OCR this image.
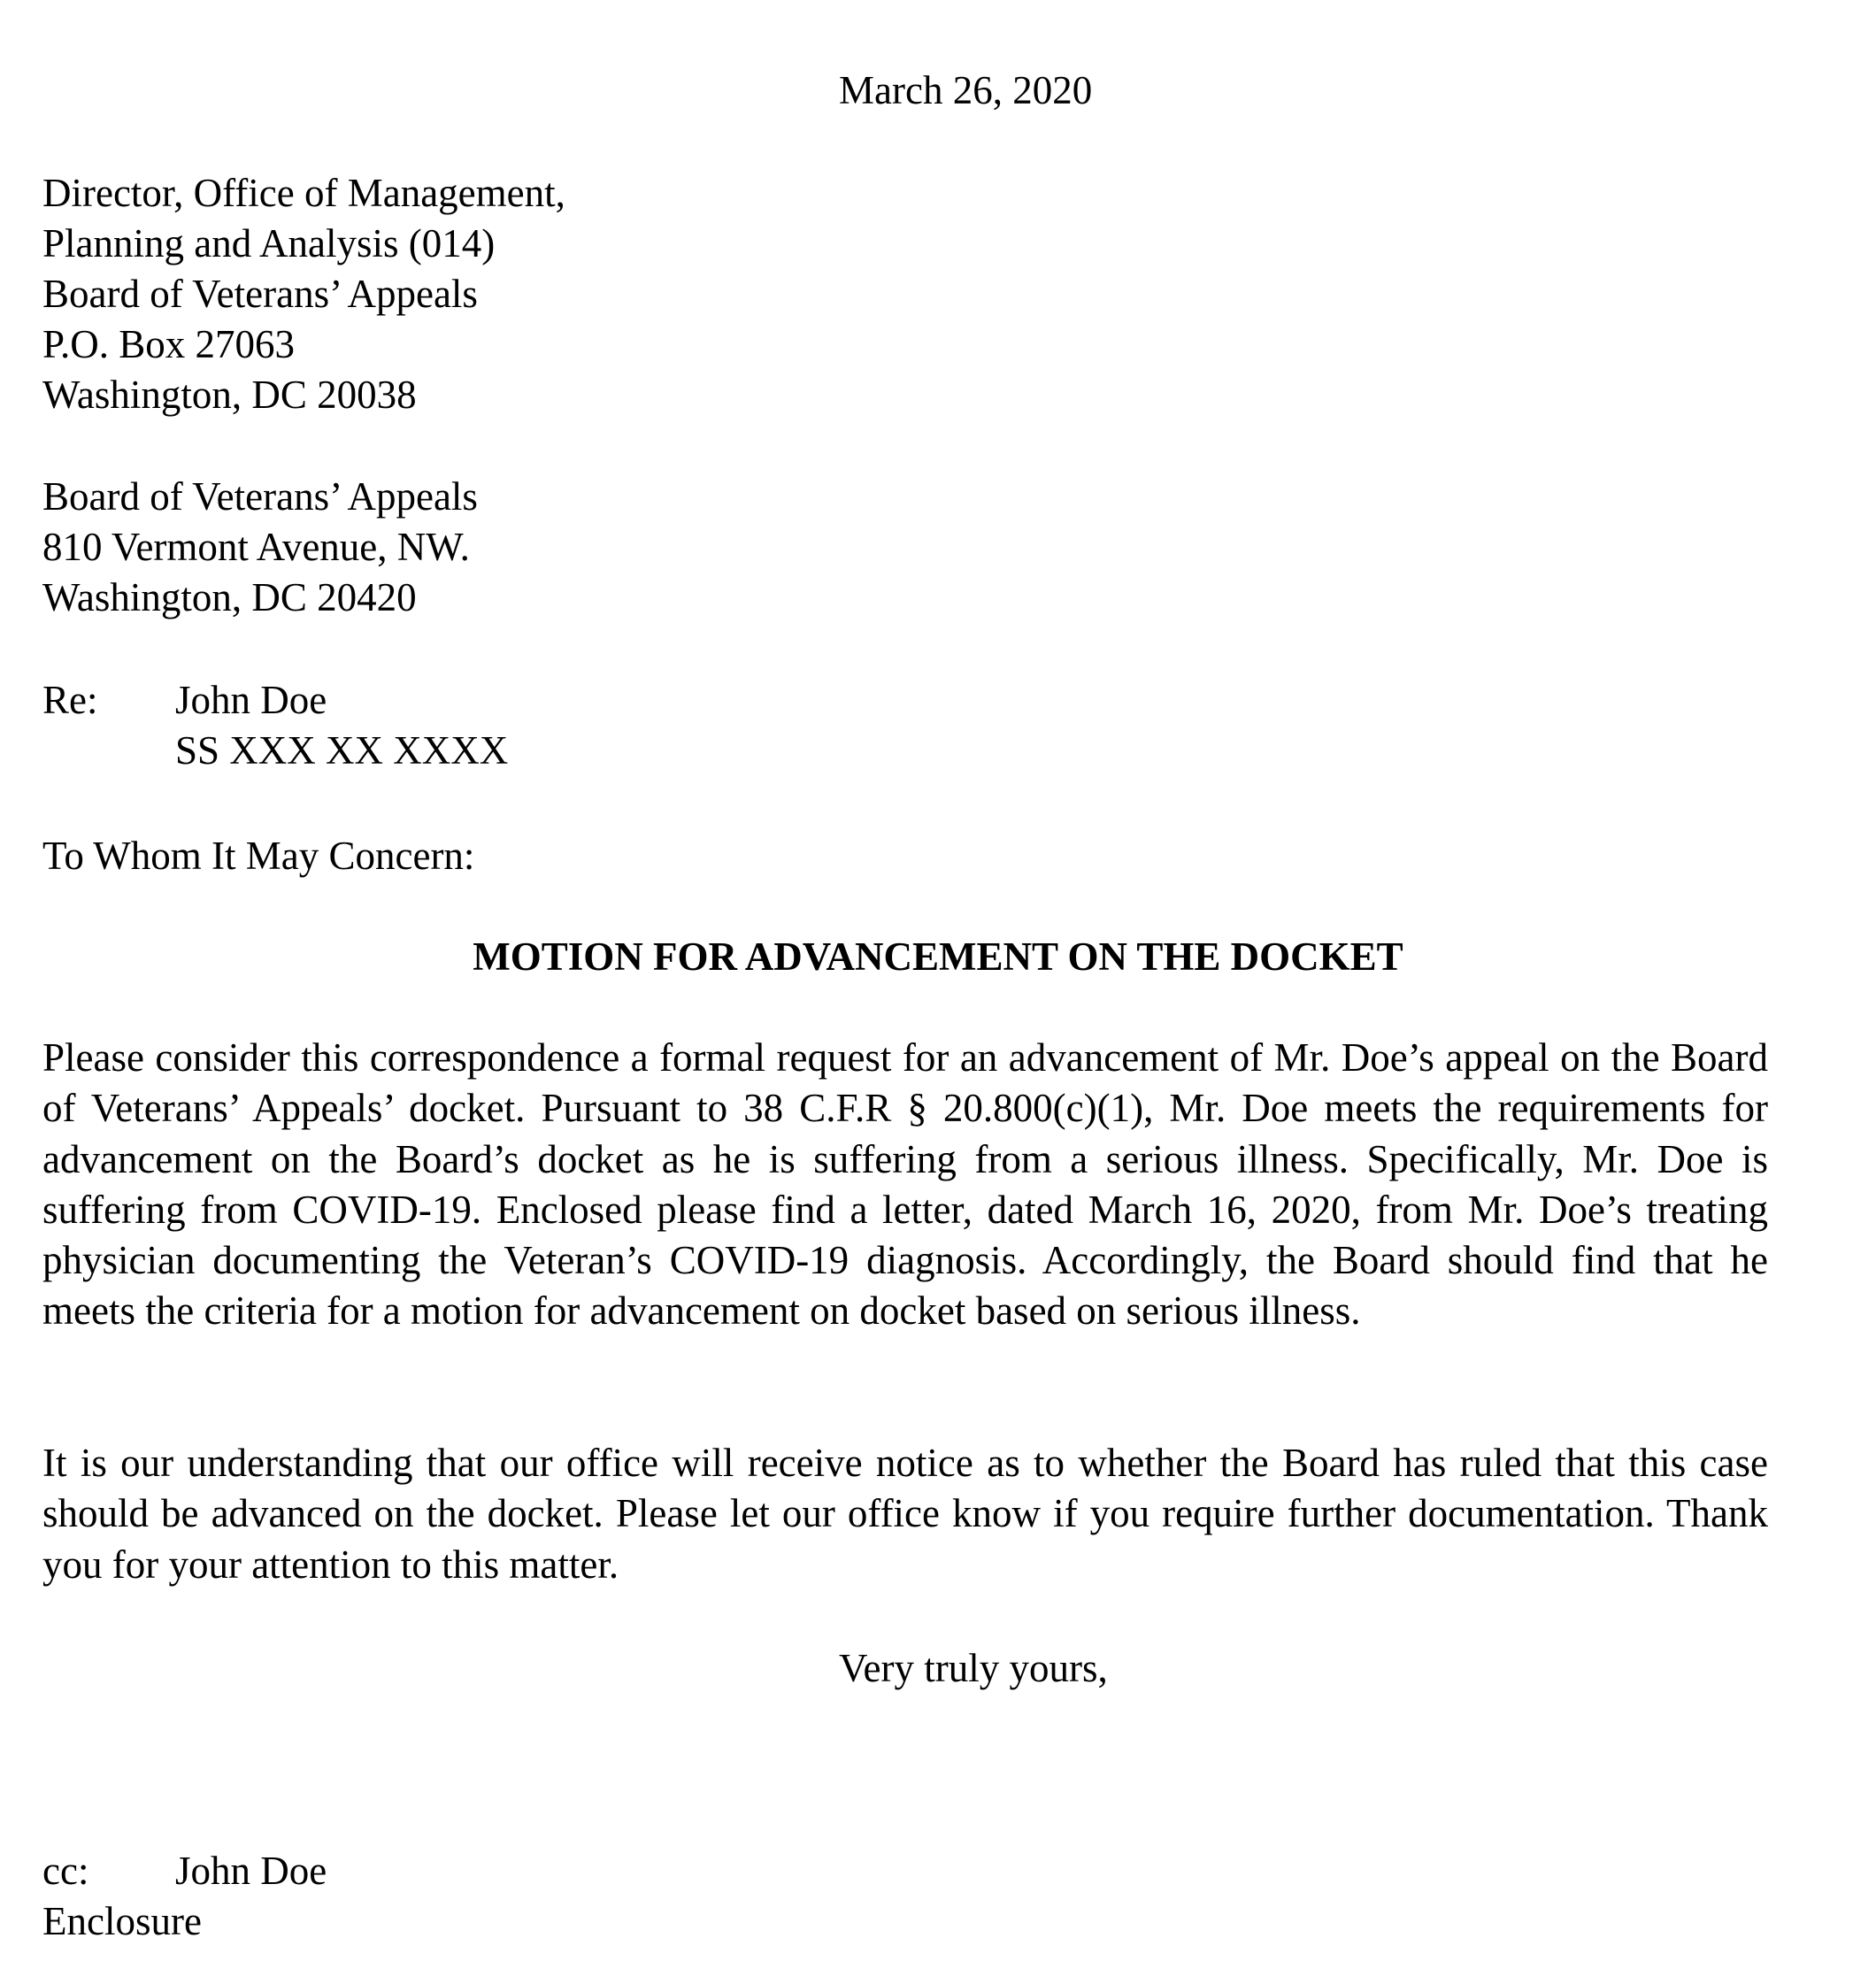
March 26, 2020
Director, Office of Management,
Planning and Analysis (014)
Board of Veterans’ Appeals
P.O. Box 27063
Washington, DC 20038
Board of Veterans’ Appeals
810 Vermont Avenue, NW.
Washington, DC 20420
Re: John Doe
SS XXX XX XXXX
To Whom It May Concern:
MOTION FOR ADVANCEMENT ON THE DOCKET

Please consider this correspondence a formal request for an advancement of Mr. Doe’s appeal on the Board of Veterans’ Appeals’ docket. Pursuant to 38 C.F.R § 20.800(c)(1), Mr. Doe meets the requirements for advancement on the Board’s docket as he is suffering from a serious illness. Specifically, Mr. Doe is suffering from COVID-19. Enclosed please find a letter, dated March 16, 2020, from Mr. Doe’s treating physician documenting the Veteran’s COVID-19 diagnosis. Accordingly, the Board should find that he meets the criteria for a motion for advancement on docket based on serious illness.

It is our understanding that our office will receive notice as to whether the Board has ruled that this case should be advanced on the docket. Please let our office know if you require further documentation. Thank you for your attention to this matter.

Very truly yours,
cc: John Doe
Enclosure
